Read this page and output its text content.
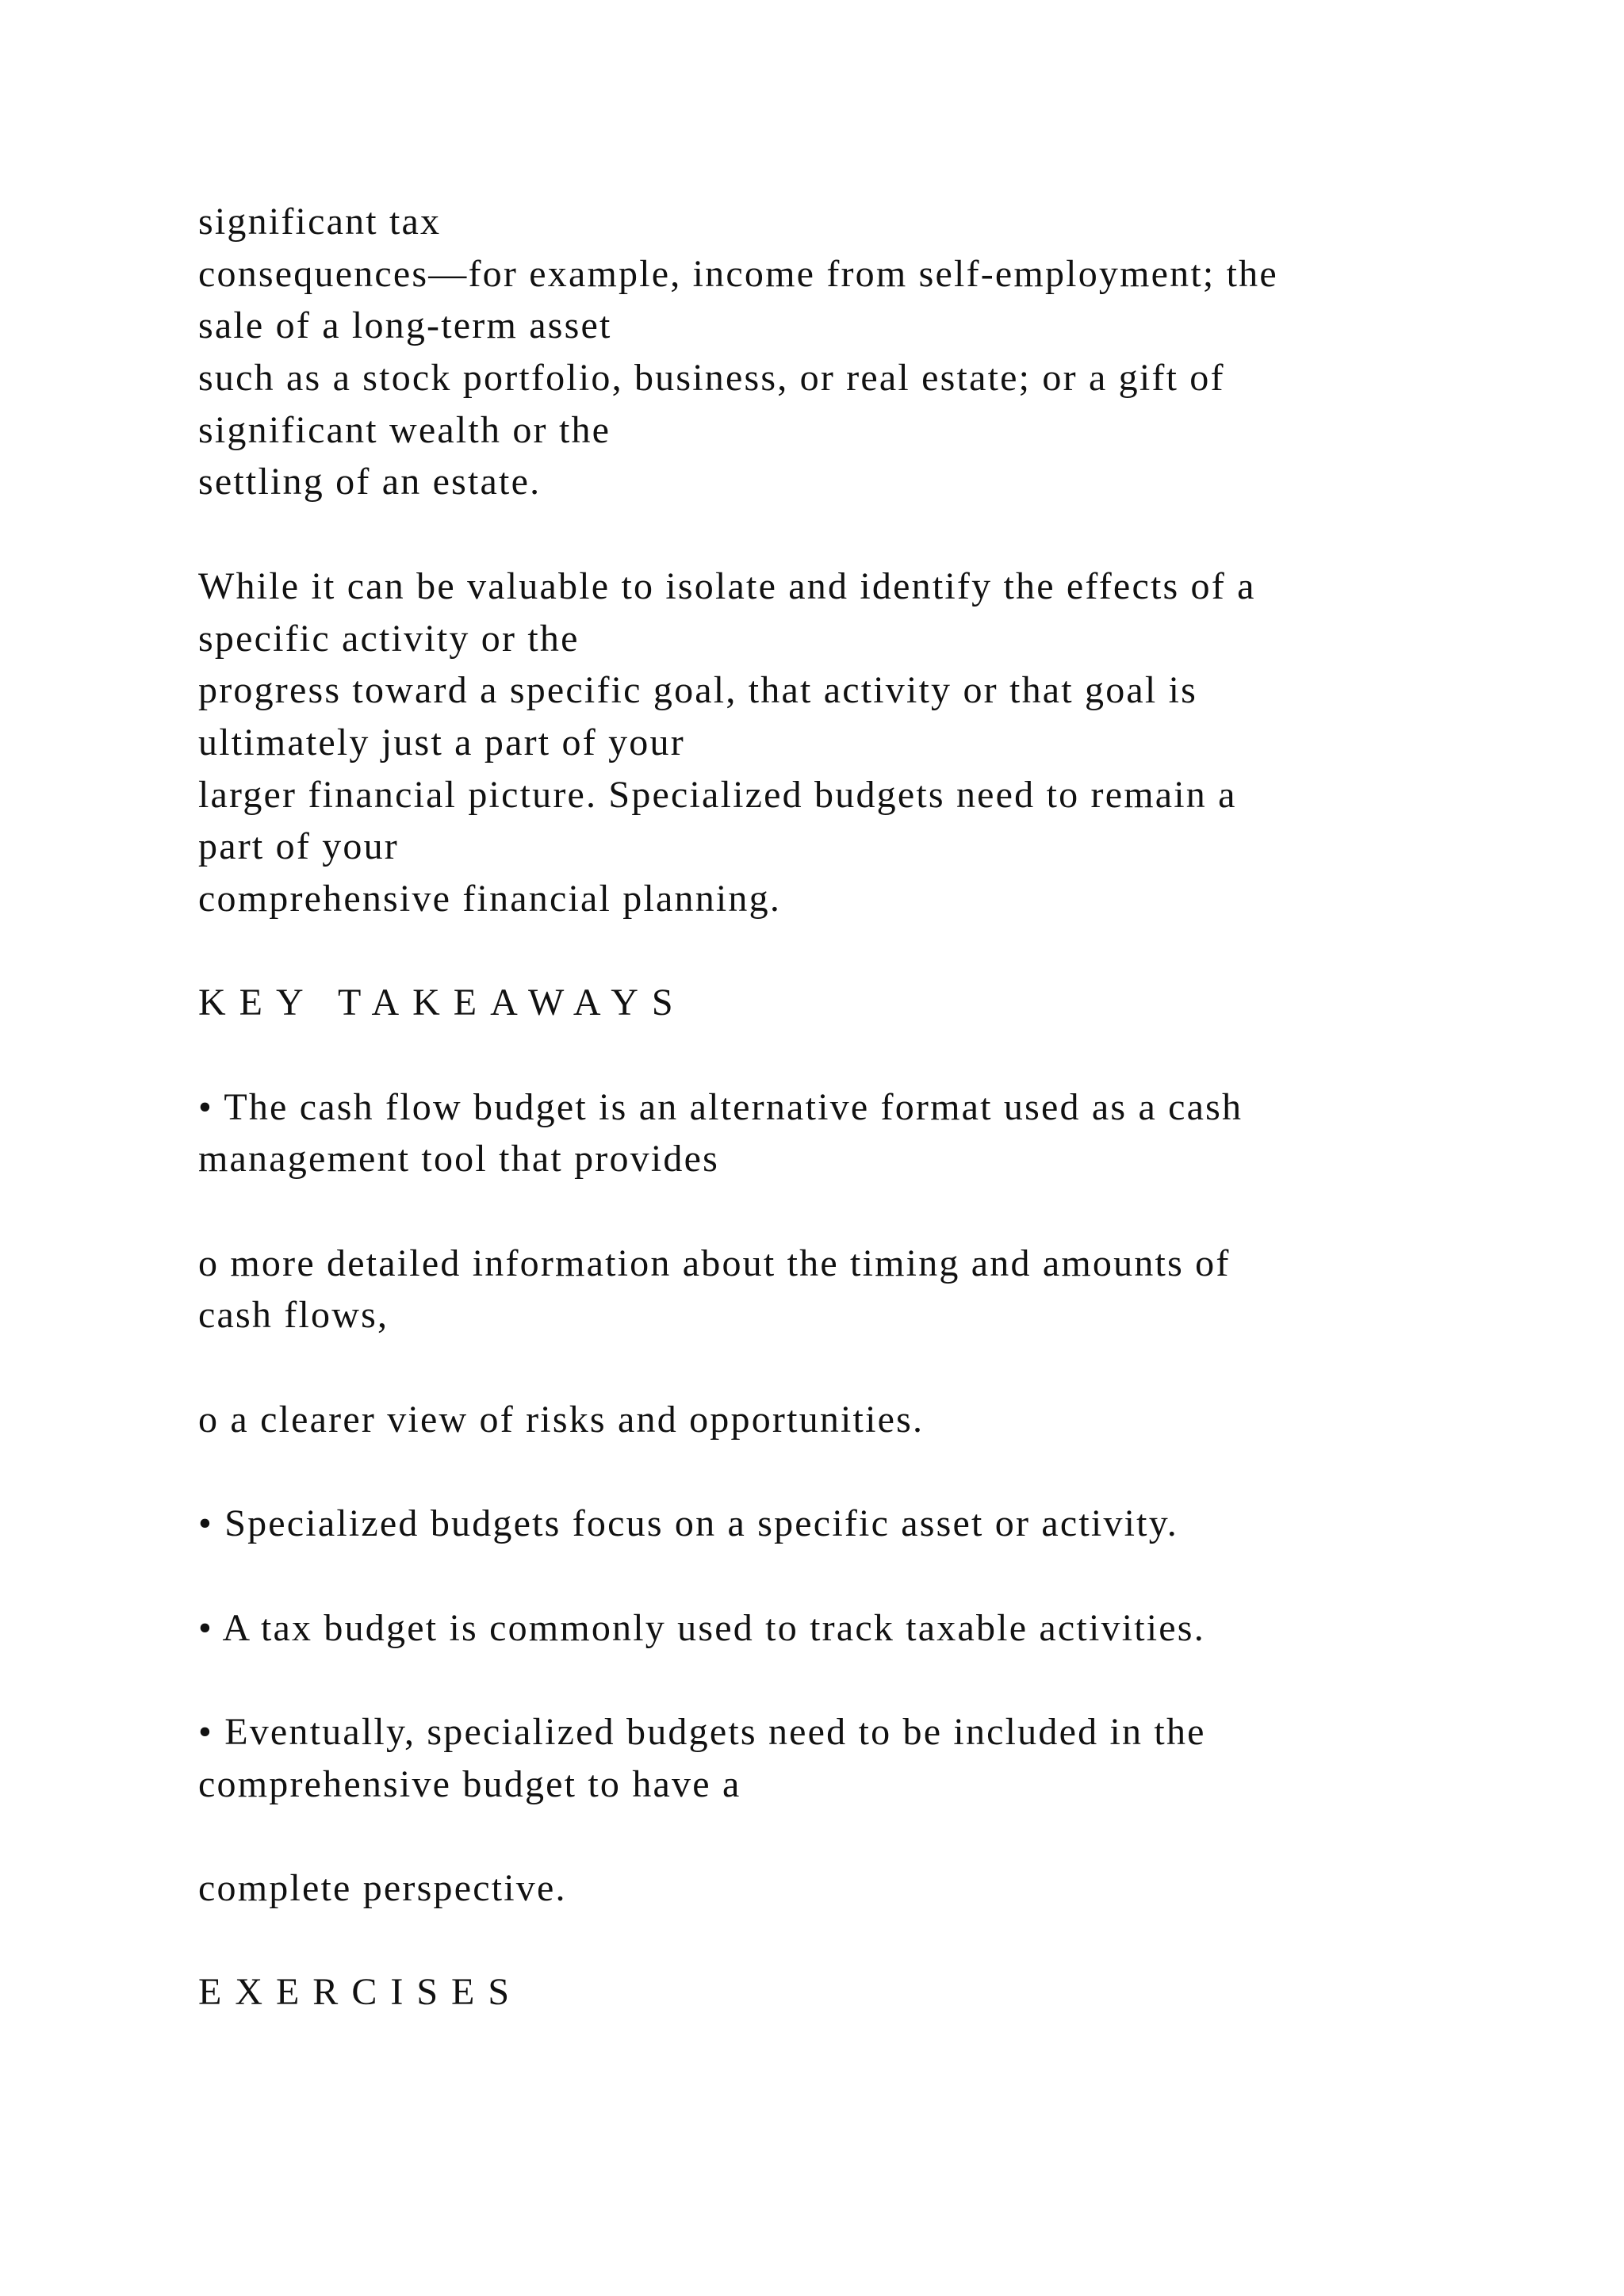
significant tax
consequences—for example, income from self-employment; the
sale of a long-term asset
such as a stock portfolio, business, or real estate; or a gift of
significant wealth or the
settling of an estate.
While it can be valuable to isolate and identify the effects of a
specific activity or the
progress toward a specific goal, that activity or that goal is
ultimately just a part of your
larger financial picture. Specialized budgets need to remain a
part of your
comprehensive financial planning.
KEY TAKEAWAYS
• The cash flow budget is an alternative format used as a cash
management tool that provides
o more detailed information about the timing and amounts of
cash flows,
o a clearer view of risks and opportunities.
• Specialized budgets focus on a specific asset or activity.
• A tax budget is commonly used to track taxable activities.
• Eventually, specialized budgets need to be included in the
comprehensive budget to have a
complete perspective.
EXERCISES
